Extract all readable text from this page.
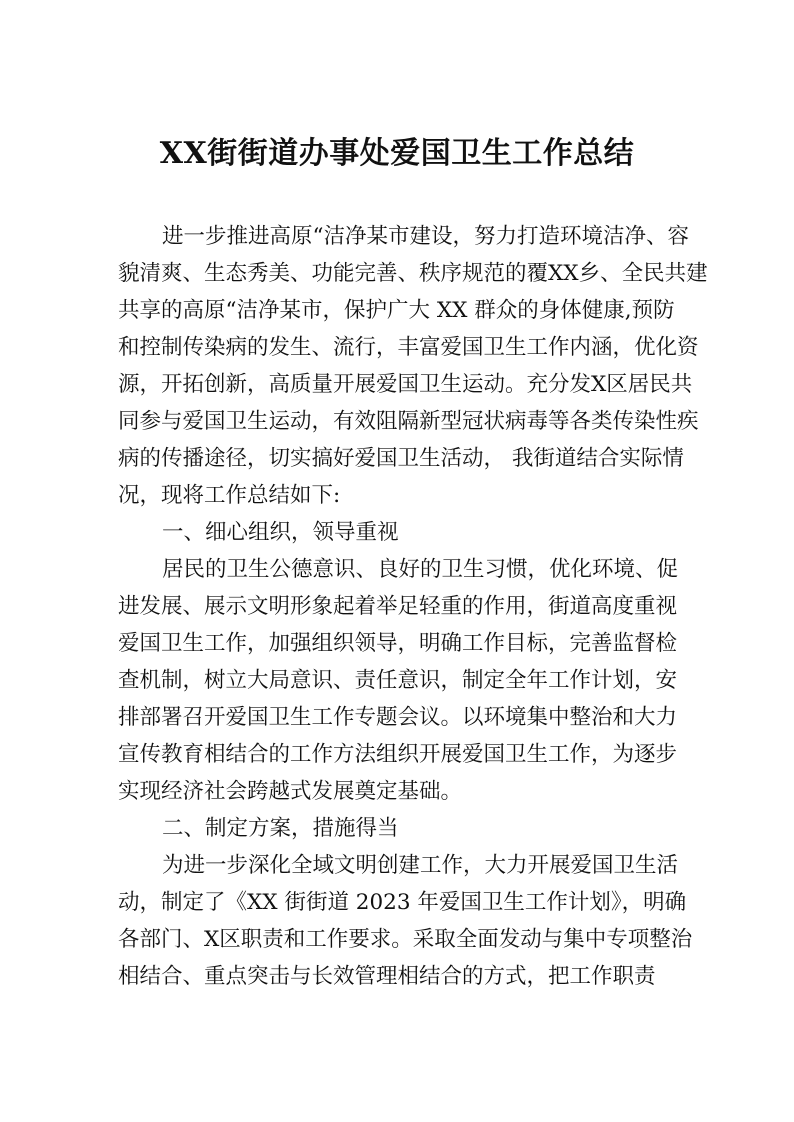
XX街街道办事处爱国卫生工作总结
进一步推进高原“洁净某市建设，努力打造环境洁净、容
貌清爽、生态秀美、功能完善、秩序规范的覆XX乡、全民共建
共享的高原“洁净某市，保护广大 XX 群众的身体健康,预防
和控制传染病的发生、流行，丰富爱国卫生工作内涵，优化资
源，开拓创新，高质量开展爱国卫生运动。充分发X区居民共
同参与爱国卫生运动，有效阻隔新型冠状病毒等各类传染性疾
病的传播途径，切实搞好爱国卫生活动， 我街道结合实际情
况，现将工作总结如下:
一、细心组织，领导重视
居民的卫生公德意识、良好的卫生习惯，优化环境、促
进发展、展示文明形象起着举足轻重的作用，街道高度重视
爱国卫生工作，加强组织领导，明确工作目标，完善监督检
查机制，树立大局意识、责任意识，制定全年工作计划，安
排部署召开爱国卫生工作专题会议。以环境集中整治和大力
宣传教育相结合的工作方法组织开展爱国卫生工作，为逐步
实现经济社会跨越式发展奠定基础。
二、制定方案，措施得当
为进一步深化全域文明创建工作，大力开展爱国卫生活
动，制定了《XX 街街道 2023 年爱国卫生工作计划》，明确
各部门、X区职责和工作要求。采取全面发动与集中专项整治
相结合、重点突击与长效管理相结合的方式，把工作职责
